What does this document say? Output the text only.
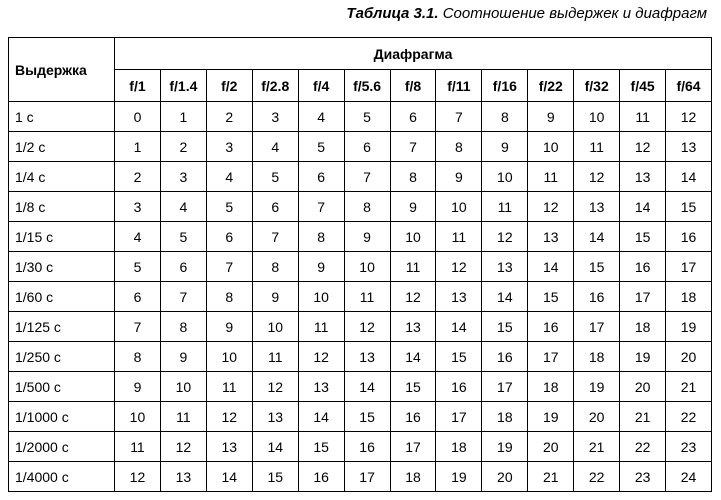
Таблица 3.1. Соотношение выдержек и диафрагм
Выдержка	Диафрагма												
	f/1	f/1.4	f/2	f/2.8	f/4	f/5.6	f/8	f/11	f/16	f/22	f/32	f/45	f/64
1 c	0	1	2	3	4	5	6	7	8	9	10	11	12
1/2 c	1	2	3	4	5	6	7	8	9	10	11	12	13
1/4 c	2	3	4	5	6	7	8	9	10	11	12	13	14
1/8 c	3	4	5	6	7	8	9	10	11	12	13	14	15
1/15 c	4	5	6	7	8	9	10	11	12	13	14	15	16
1/30 c	5	6	7	8	9	10	11	12	13	14	15	16	17
1/60 c	6	7	8	9	10	11	12	13	14	15	16	17	18
1/125 c	7	8	9	10	11	12	13	14	15	16	17	18	19
1/250 c	8	9	10	11	12	13	14	15	16	17	18	19	20
1/500 c	9	10	11	12	13	14	15	16	17	18	19	20	21
1/1000 c	10	11	12	13	14	15	16	17	18	19	20	21	22
1/2000 c	11	12	13	14	15	16	17	18	19	20	21	22	23
1/4000 c	12	13	14	15	16	17	18	19	20	21	22	23	24
